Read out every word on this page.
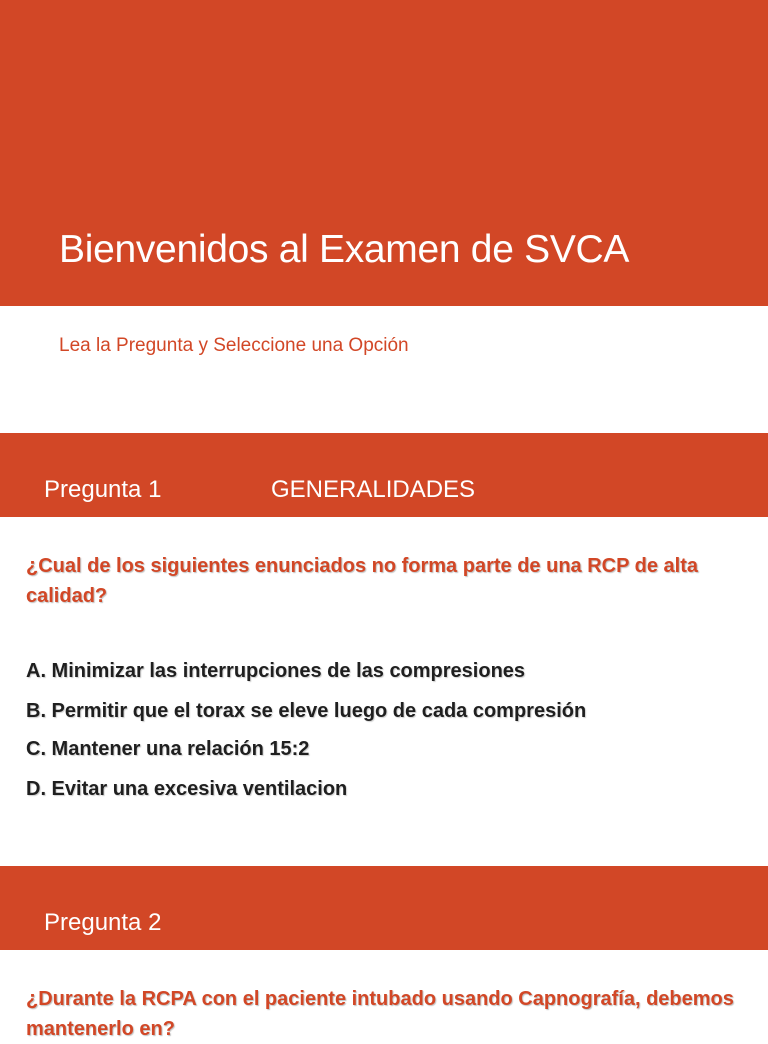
Bienvenidos al Examen de SVCA
Lea la Pregunta y Seleccione una Opción
Pregunta 1	GENERALIDADES
¿Cual de los siguientes enunciados no forma parte de una RCP de alta calidad?
A. Minimizar las interrupciones de las compresiones
B. Permitir que el torax se eleve luego de cada compresión
C. Mantener una relación 15:2
D. Evitar una excesiva ventilacion
Pregunta 2
¿Durante la RCPA con el paciente intubado usando Capnografía, debemos mantenerlo en?
